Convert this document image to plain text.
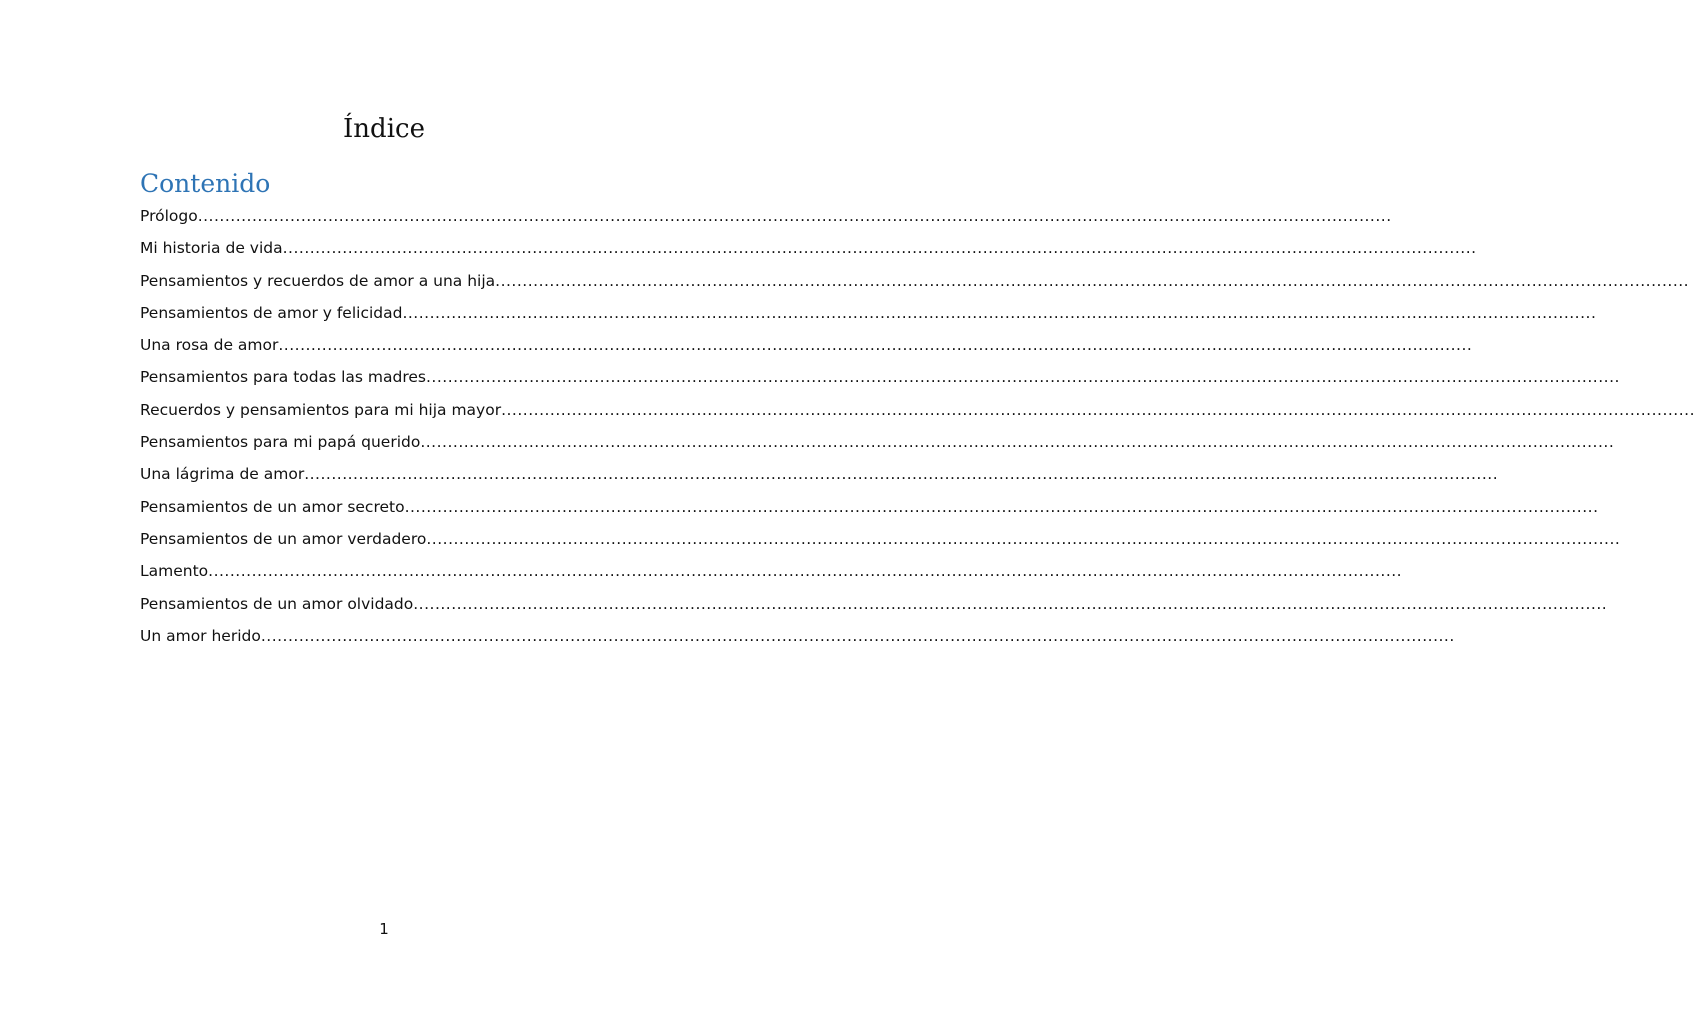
Índice
Contenido
Prólogo ............................................................................................................................................................................................................................
Mi historia de vida ............................................................................................................................................................................................................................
Pensamientos y recuerdos de amor a una hija ............................................................................................................................................................................................................................
Pensamientos de amor y felicidad ............................................................................................................................................................................................................................
Una rosa de amor ............................................................................................................................................................................................................................
Pensamientos para todas las madres ............................................................................................................................................................................................................................
Recuerdos y pensamientos para mi hija mayor ............................................................................................................................................................................................................................
Pensamientos para mi papá querido ............................................................................................................................................................................................................................
Una lágrima de amor ............................................................................................................................................................................................................................
Pensamientos de un amor secreto ............................................................................................................................................................................................................................
Pensamientos de un amor verdadero ............................................................................................................................................................................................................................
Lamento ............................................................................................................................................................................................................................
Pensamientos de un amor olvidado ............................................................................................................................................................................................................................
Un amor herido ............................................................................................................................................................................................................................
1
